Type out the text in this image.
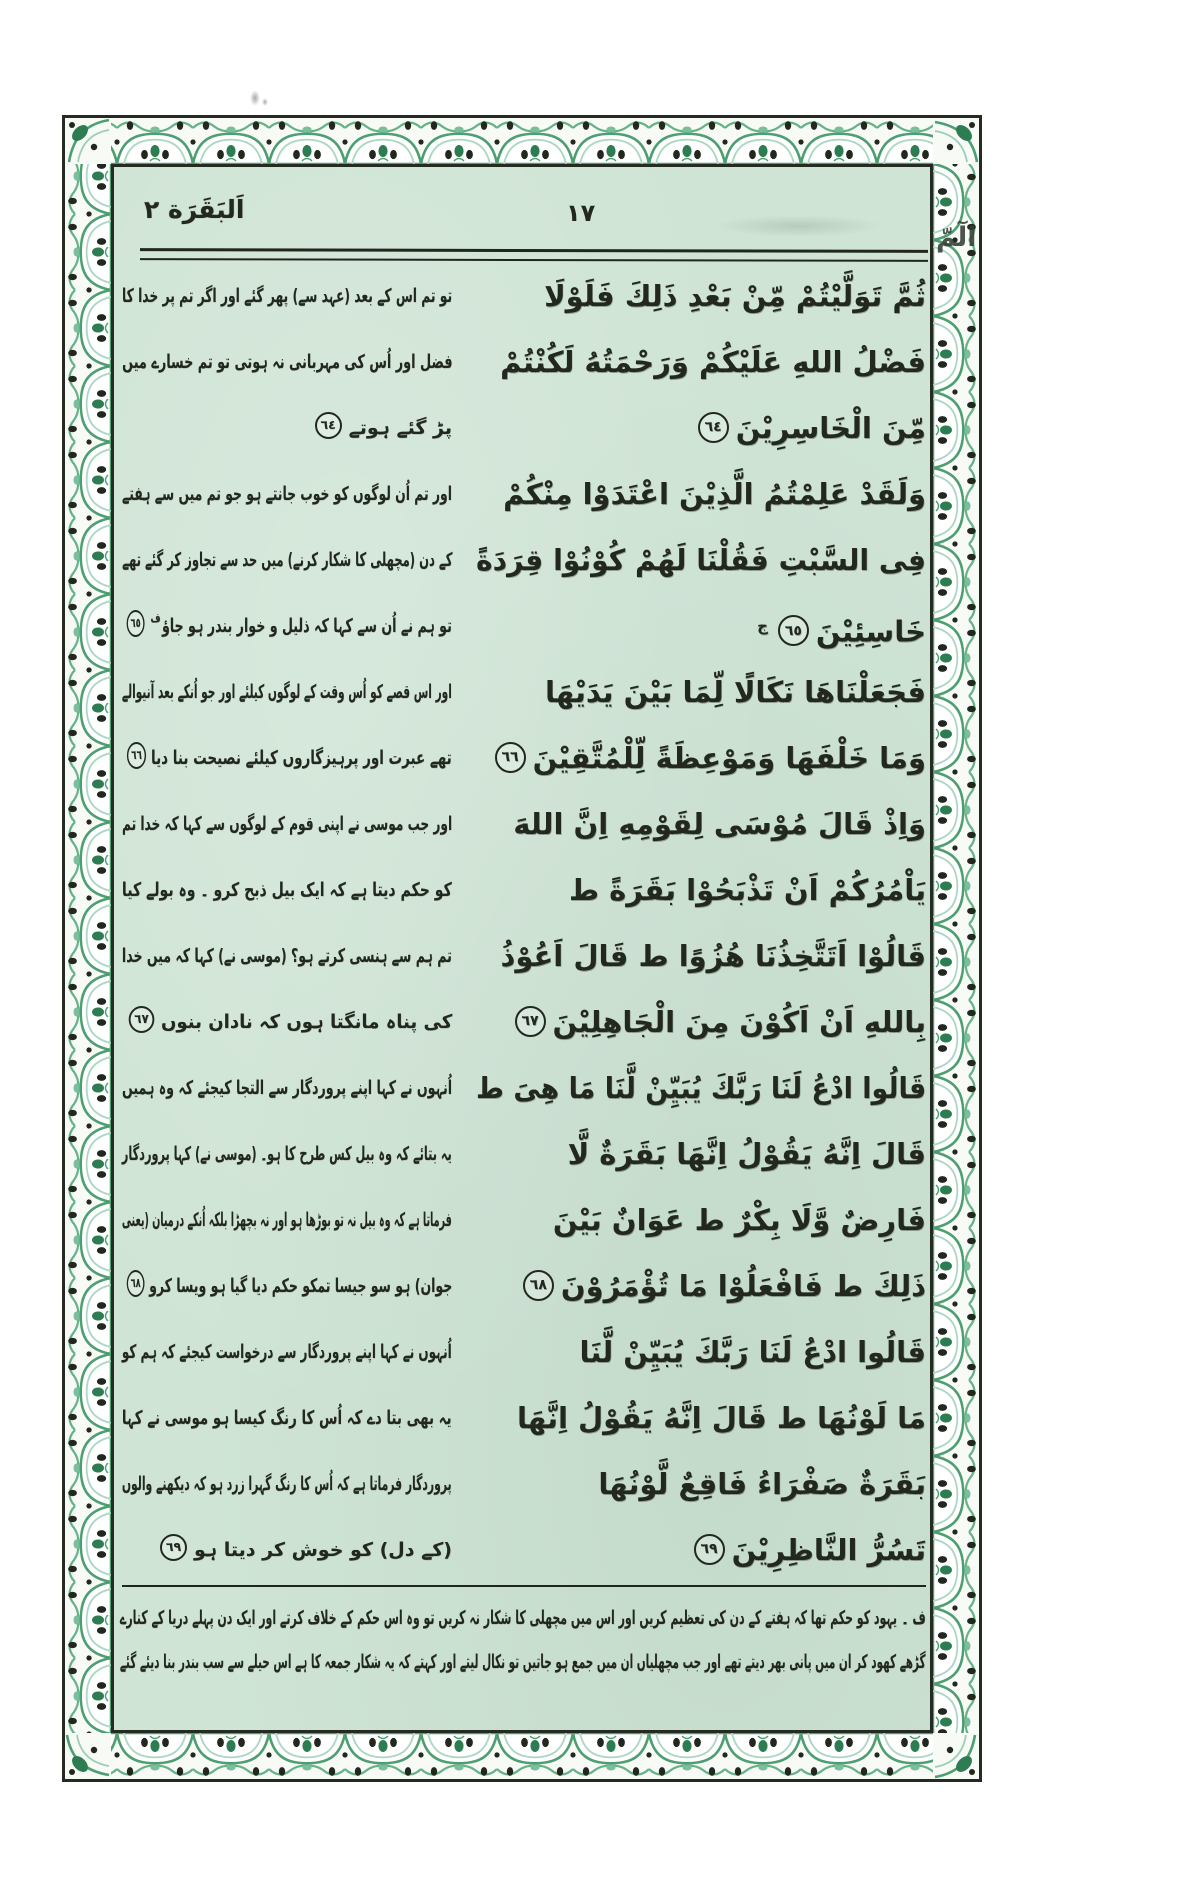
اَلبَقَرَة ٢	١٧
الٓمّ
تو تم اس کے بعد (عہد سے) پھر گئے اور اگر تم پر خدا کا
فضل اور اُس کی مہربانی نہ ہوتی تو تم خسارے میں
پڑ گئے ہوتے٦٤
اور تم اُن لوگوں کو خوب جانتے ہو جو تم میں سے ہفتے
کے دن (مچھلی کا شکار کرنے) میں حد سے تجاوز کر گئے تھے
تو ہم نے اُن سے کہا کہ ذلیل و خوار بندر ہو جاؤ$^ف$٦٥
اور اس قصے کو اُس وقت کے لوگوں کیلئے اور جو اُنکے بعد آنیوالے
تھے عبرت اور پرہیزگاروں کیلئے نصیحت بنا دیا٦٦
اور جب موسی نے اپنی قوم کے لوگوں سے کہا کہ خدا تم
کو حکم دیتا ہے کہ ایک بیل ذبح کرو ۔ وہ بولے کیا
تم ہم سے ہنسی کرتے ہو؟ (موسی نے) کہا کہ میں خدا
کی پناہ مانگتا ہوں کہ نادان بنوں٦٧
اُنہوں نے کہا اپنے پروردگار سے التجا کیجئے کہ وہ ہمیں
یہ بتائے کہ وہ بیل کس طرح کا ہو۔ (موسی نے) کہا پروردگار
فرماتا ہے کہ وہ بیل نہ تو بوڑھا ہو اور نہ بچھڑا بلکہ اُنکے درمیان (یعنی
جوان) ہو سو جیسا تمکو حکم دیا گیا ہو ویسا کرو٦٨
اُنہوں نے کہا اپنے پروردگار سے درخواست کیجئے کہ ہم کو
یہ بھی بتا دے کہ اُس کا رنگ کیسا ہو موسی نے کہا
پروردگار فرماتا ہے کہ اُس کا رنگ گہرا زرد ہو کہ دیکھنے والوں
(کے دل) کو خوش کر دیتا ہو٦٩
ثُمَّ تَوَلَّيْتُمْ مِّنْ بَعْدِ ذَلِكَ فَلَوْلَا
فَضْلُ اللهِ عَلَيْكُمْ وَرَحْمَتُهُ لَكُنْتُمْ
مِّنَ الْخَاسِرِيْنَ٦٤
وَلَقَدْ عَلِمْتُمُ الَّذِيْنَ اعْتَدَوْا مِنْكُمْ
فِى السَّبْتِ فَقُلْنَا لَهُمْ كُوْنُوْا قِرَدَةً
$خَاسِئِيْنَ٦٥^ج$
فَجَعَلْنَاهَا نَكَالًا لِّمَا بَيْنَ يَدَيْهَا
وَمَا خَلْفَهَا وَمَوْعِظَةً لِّلْمُتَّقِيْنَ٦٦
وَاِذْ قَالَ مُوْسَى لِقَوْمِهِ اِنَّ اللهَ
يَاْمُرُكُمْ اَنْ تَذْبَحُوْا بَقَرَةً ط
قَالُوْا اَتَتَّخِذُنَا هُزُوًا ط قَالَ اَعُوْذُ
بِاللهِ اَنْ اَكُوْنَ مِنَ الْجَاهِلِيْنَ٦٧
قَالُوا ادْعُ لَنَا رَبَّكَ يُبَيِّنْ لَّنَا مَا هِىَ ط
قَالَ اِنَّهُ يَقُوْلُ اِنَّهَا بَقَرَةٌ لَّا
فَارِضٌ وَّلَا بِكْرٌ ط عَوَانٌ بَيْنَ
ذَلِكَ ط فَافْعَلُوْا مَا تُؤْمَرُوْنَ٦٨
قَالُوا ادْعُ لَنَا رَبَّكَ يُبَيِّنْ لَّنَا
مَا لَوْنُهَا ط قَالَ اِنَّهُ يَقُوْلُ اِنَّهَا
بَقَرَةٌ صَفْرَاءُ فَاقِعٌ لَّوْنُهَا
تَسُرُّ النَّاظِرِيْنَ٦٩
ف ۔یہود کو حکم تھا کہ ہفتے کے دن کی تعظیم کریں اور اس میں مچھلی کا شکار نہ کریں تو وہ اس حکم کے خلاف کرتے اور ایک دن پہلے دریا کے کنارے
گڑھے کھود کر ان میں پانی بھر دیتے تھے اور جب مچھلیاں ان میں جمع ہو جاتیں تو نکال لیتے اور کہتے کہ یہ شکار جمعہ کا ہے اس حیلے سے سب بندر بنا دیئے گئے
